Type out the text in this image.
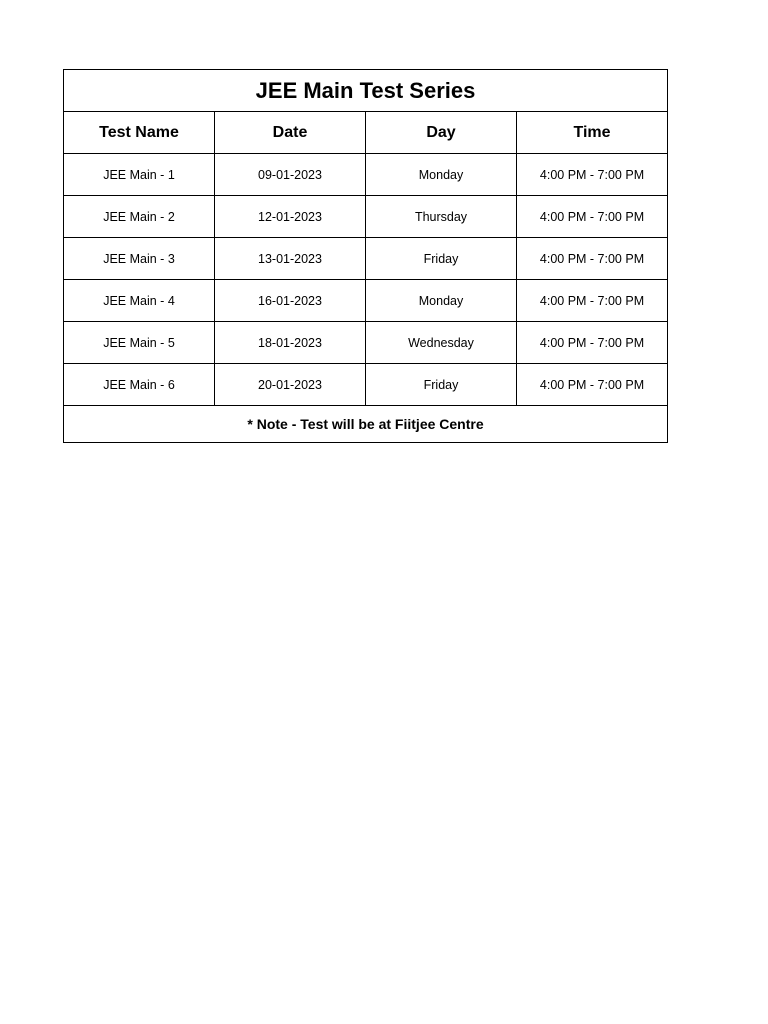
JEE Main Test Series			
Test Name	Date	Day	Time
JEE Main - 1	09-01-2023	Monday	4:00 PM - 7:00 PM
JEE Main - 2	12-01-2023	Thursday	4:00 PM - 7:00 PM
JEE Main - 3	13-01-2023	Friday	4:00 PM - 7:00 PM
JEE Main - 4	16-01-2023	Monday	4:00 PM - 7:00 PM
JEE Main - 5	18-01-2023	Wednesday	4:00 PM - 7:00 PM
JEE Main - 6	20-01-2023	Friday	4:00 PM - 7:00 PM
* Note - Test will be at Fiitjee Centre			
